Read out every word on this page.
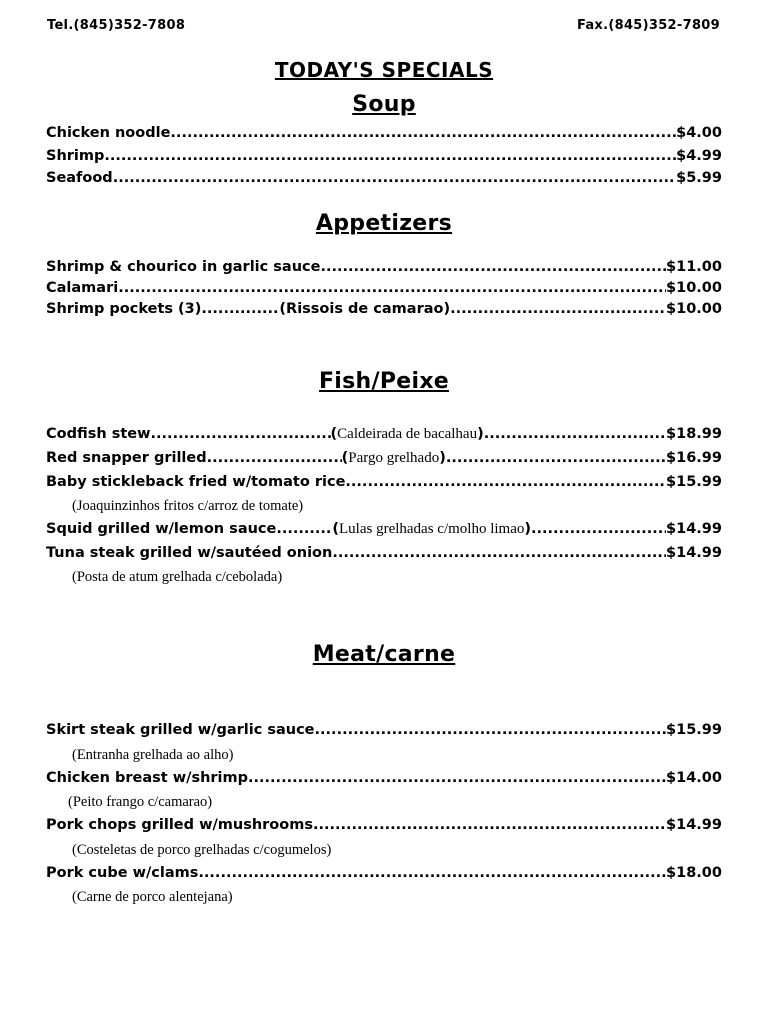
Tel.(845)352-7808	Fax.(845)352-7809
TODAY'S SPECIALS
Soup
Chicken noodle .....	$4.00
Shrimp .....	$4.99
Seafood .....	$5.99
Appetizers
Shrimp & chourico in garlic sauce .....	$11.00
Calamari .....	$10.00
Shrimp pockets (3) .....	(Rissois de camarao) .....	$10.00
Fish/Peixe
Codfish stew .....	( Caldeirada de bacalhau ) .....	$18.99
Red snapper grilled .....	( Pargo grelhado ) .....	$16.99
Baby stickleback fried w/tomato rice .....	$15.99
(Joaquinzinhos fritos c/arroz de tomate)
Squid grilled w/lemon sauce .....	( Lulas grelhadas c/molho limao ) .....	$14.99
Tuna steak grilled w/sautéed onion .....	$14.99
(Posta de atum grelhada c/cebolada)
Meat/carne
Skirt steak grilled w/garlic sauce .....	$15.99
(Entranha grelhada ao alho)
Chicken breast w/shrimp .....	$14.00
(Peito frango c/camarao)
Pork chops grilled w/mushrooms .....	$14.99
(Costeletas de porco grelhadas c/cogumelos)
Pork cube w/clams .....	$18.00
(Carne de porco alentejana)
